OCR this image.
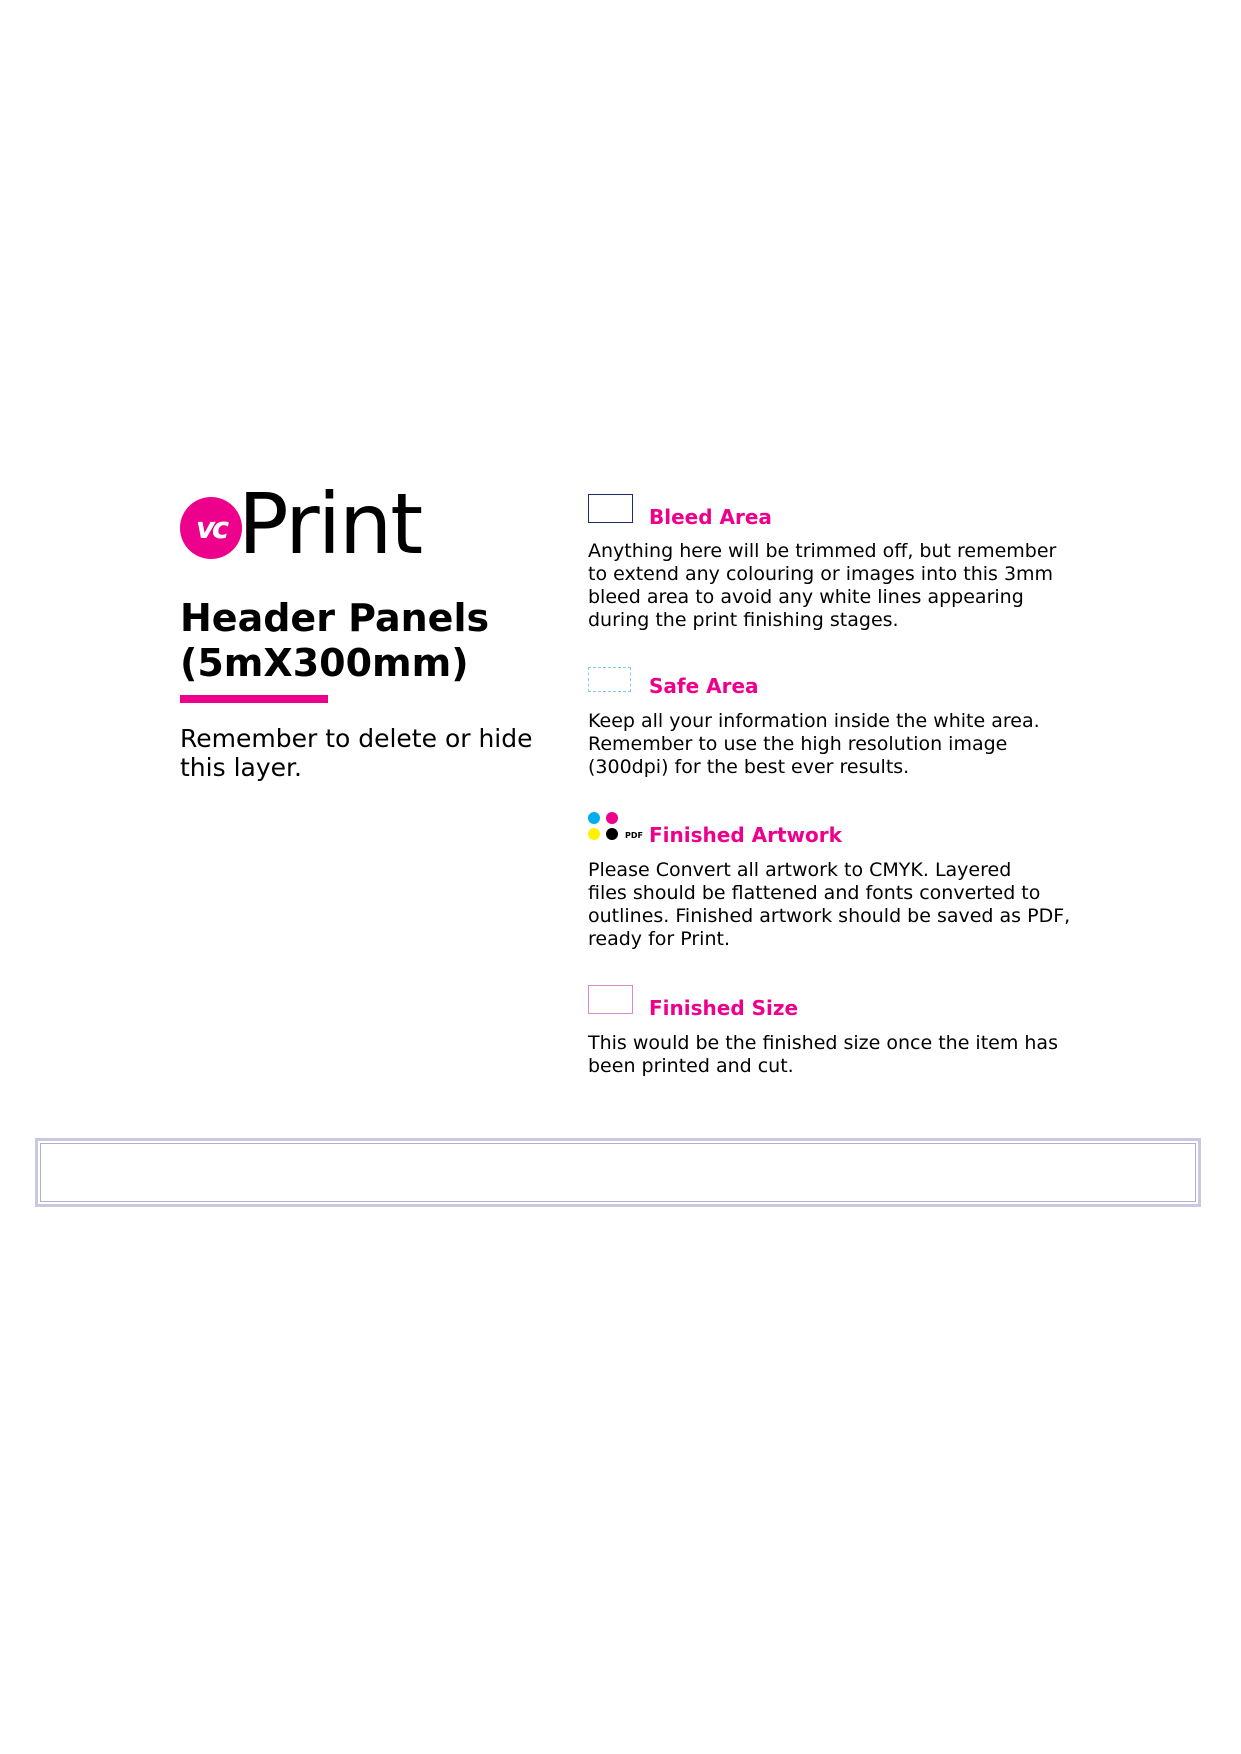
vc Print
Header Panels
(5mX300mm)
Remember to delete or hide this layer.
Bleed Area
Anything here will be trimmed off, but remember
to extend any colouring or images into this 3mm
bleed area to avoid any white lines appearing
during the print finishing stages.
Safe Area
Keep all your information inside the white area.
Remember to use the high resolution image
(300dpi) for the best ever results.
PDF Finished Artwork
Please Convert all artwork to CMYK. Layered
files should be flattened and fonts converted to
outlines. Finished artwork should be saved as PDF,
ready for Print.
Finished Size
This would be the finished size once the item has
been printed and cut.
